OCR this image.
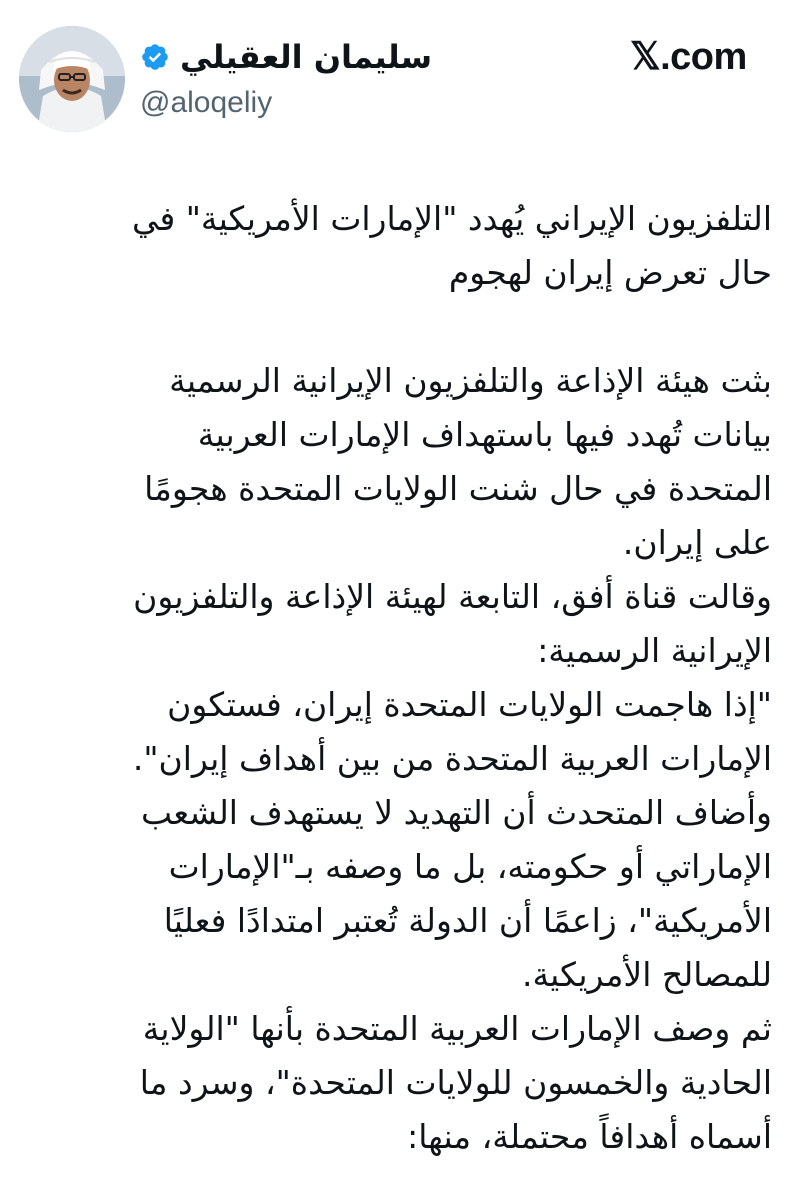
سليمان العقيلي
@aloqeliy
𝕏.com
التلفزيون الإيراني يُهدد "الإمارات الأمريكية" في
حال تعرض إيران لهجوم
بثت هيئة الإذاعة والتلفزيون الإيرانية الرسمية
بيانات تُهدد فيها باستهداف الإمارات العربية
المتحدة في حال شنت الولايات المتحدة هجومًا
على إيران.
وقالت قناة أفق، التابعة لهيئة الإذاعة والتلفزيون
الإيرانية الرسمية:
"إذا هاجمت الولايات المتحدة إيران، فستكون
الإمارات العربية المتحدة من بين أهداف إيران".
وأضاف المتحدث أن التهديد لا يستهدف الشعب
الإماراتي أو حكومته، بل ما وصفه بـ"الإمارات
الأمريكية"، زاعمًا أن الدولة تُعتبر امتدادًا فعليًا
للمصالح الأمريكية.
ثم وصف الإمارات العربية المتحدة بأنها "الولاية
الحادية والخمسون للولايات المتحدة"، وسرد ما
أسماه أهدافاً محتملة، منها:
